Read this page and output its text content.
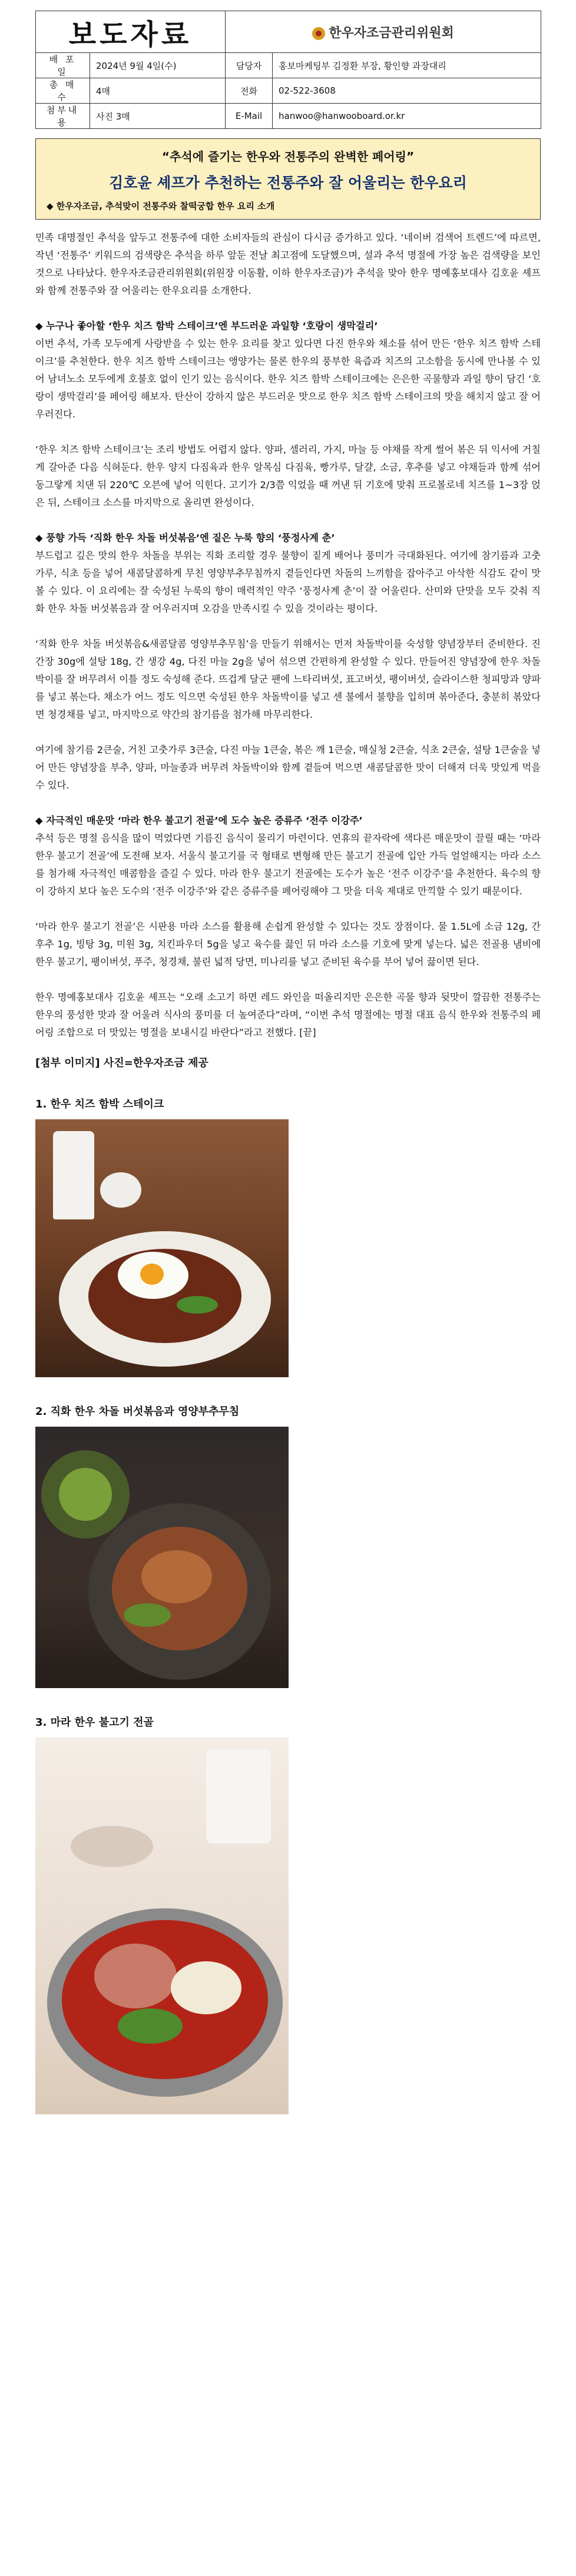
보도자료		한우자조금관리위원회	
배 포 일	2024년 9월 4일(수)	담당자	홍보마케팅부 김정환 부장, 황인향 과장대리
총 매 수	4매	전화	02-522-3608
첨부내용	사진 3매	E-Mail	hanwoo@hanwooboard.or.kr
“추석에 즐기는 한우와 전통주의 완벽한 페어링”
김호윤 셰프가 추천하는 전통주와 잘 어울리는 한우요리
◆ 한우자조금, 추석맞이 전통주와 찰떡궁합 한우 요리 소개

민족 대명절인 추석을 앞두고 전통주에 대한 소비자들의 관심이 다시금 증가하고 있다. ‘네이버 검색어 트렌드’에 따르면, 작년 ‘전통주’ 키워드의 검색량은 추석을 하루 앞둔 전날 최고점에 도달했으며, 설과 추석 명절에 가장 높은 검색량을 보인 것으로 나타났다. 한우자조금관리위원회(위원장 이동활, 이하 한우자조금)가 추석을 맞아 한우 명예홍보대사 김호윤 셰프와 함께 전통주와 잘 어울리는 한우요리를 소개한다.

◆ 누구나 좋아할 ‘한우 치즈 함박 스테이크’엔 부드러운 과일향 ‘호랑이 생막걸리’

이번 추석, 가족 모두에게 사랑받을 수 있는 한우 요리를 찾고 있다면 다진 한우와 채소를 섞어 만든 ‘한우 치즈 함박 스테이크’를 추천한다. 한우 치즈 함박 스테이크는 앵양가는 물론 한우의 풍부한 육즙과 치즈의 고소함을 동시에 만나볼 수 있어 남녀노소 모두에게 호불호 없이 인기 있는 음식이다. 한우 치즈 함박 스테이크에는 은은한 곡물향과 과일 향이 담긴 ‘호랑이 생막걸리’를 페어링 해보자. 탄산이 강하지 않은 부드러운 맛으로 한우 치즈 함박 스테이크의 맛을 해치지 않고 잘 어우러진다.

‘한우 치즈 함박 스테이크’는 조리 방법도 어렵지 않다. 양파, 셀러리, 가지, 마늘 등 야채를 작게 썰어 볶은 뒤 익서에 거칠게 갈아준 다음 식혀둔다. 한우 양지 다짐육과 한우 알목심 다짐육, 빵가루, 달걀, 소금, 후추를 넣고 야채들과 함께 섞어 동그랗게 치댄 뒤 220℃ 오븐에 넣어 익힌다. 고기가 2/3쯤 익었을 때 꺼낸 뒤 기호에 맞춰 프로볼로네 치즈를 1~3장 얹은 뒤, 스테이크 소스를 마지막으로 올리면 완성이다.

◆ 풍향 가득 ‘직화 한우 차돌 버섯볶음’엔 짙은 누룩 향의 ‘풍정사계 춘’

부드럽고 깊은 맛의 한우 차돌을 부위는 직화 조리할 경우 불향이 짙게 배어나 풍미가 극대화된다. 여기에 참기름과 고춧가루, 식초 등을 넣어 새콤달콤하게 무친 영양부추무침까지 곁들인다면 차돌의 느끼함을 잡아주고 아삭한 식감도 같이 맛볼 수 있다. 이 요리에는 잘 숙성된 누룩의 향이 매력적인 약주 ‘풍정사계 춘’이 잘 어울린다. 산미와 단맛을 모두 갖춰 직화 한우 차돌 버섯볶음과 잘 어우러지며 오감을 만족시킬 수 있을 것이라는 평이다.

‘직화 한우 차돌 버섯볶음&새콤달콤 영양부추무침’을 만들기 위해서는 먼저 차돌박이를 숙성할 양념장부터 준비한다. 진간장 30g에 설탕 18g, 간 생강 4g, 다진 마늘 2g을 넣어 섞으면 간편하게 완성할 수 있다. 만들어진 양념장에 한우 차돌박이를 잘 버무려서 이틀 정도 숙성해 준다. 뜨겁게 달군 팬에 느타리버섯, 표고버섯, 팽이버섯, 슬라이스한 청피망과 양파를 넣고 볶는다. 채소가 어느 정도 익으면 숙성된 한우 차돌박이를 넣고 센 불에서 불향을 입히며 볶아준다, 충분히 볶았다면 청경채를 넣고, 마지막으로 약간의 참기름을 첨가해 마무리한다.

여기에 참기름 2큰술, 거친 고춧가루 3큰술, 다진 마늘 1큰술, 볶은 깨 1큰술, 매실청 2큰술, 식초 2큰술, 설탕 1큰술을 넣어 만든 양념장을 부추, 양파, 마늘종과 버무려 차돌박이와 함께 곁들여 먹으면 새콤달콤한 맛이 더해져 더욱 맛있게 먹을 수 있다.

◆ 자극적인 매운맛 ‘마라 한우 불고기 전골’에 도수 높은 증류주 ‘전주 이강주’

추석 등은 명절 음식을 많이 먹었다면 기름진 음식이 물리기 마련이다. 연휴의 끝자락에 색다른 매운맛이 끌릴 때는 ‘마라 한우 불고기 전골’에 도전해 보자. 서울식 불고기를 국 형태로 변형해 만든 불고기 전골에 입안 가득 얼얼해지는 마라 소스를 첨가해 자극적인 매콤함을 즐길 수 있다. 마라 한우 불고기 전골에는 도수가 높은 ‘전주 이강주’를 추천한다. 육수의 향이 강하지 보다 높은 도수의 ‘전주 이강주’와 같은 증류주를 페어링해야 그 맛을 더욱 제대로 만끽할 수 있기 때문이다.

‘마라 한우 불고기 전골’은 시판용 마라 소스를 활용해 손쉽게 완성할 수 있다는 것도 장점이다. 물 1.5L에 소금 12g, 간 후추 1g, 빙탕 3g, 미원 3g, 치킨파우더 5g을 넣고 육수를 끓인 뒤 마라 소스를 기호에 맞게 넣는다. 넓은 전골용 냄비에 한우 불고기, 팽이버섯, 푸주, 청경채, 불린 넓적 당면, 미나리를 넣고 준비된 육수를 부어 넣어 끓이면 된다.

한우 명예홍보대사 김호윤 셰프는 “오래 소고기 하면 레드 와인을 떠올리지만 은은한 곡물 향과 뒷맛이 깔끔한 전통주는 한우의 풍성한 맛과 잘 어울려 식사의 풍미를 더 높여준다”라며, “이번 추석 명절에는 명절 대표 음식 한우와 전통주의 페어링 조합으로 더 맛있는 명절을 보내시길 바란다”라고 전했다. [끝]

[첨부 이미지] 사진=한우자조금 제공
1. 한우 치즈 함박 스테이크
2. 직화 한우 차돌 버섯볶음과 영양부추무침
3. 마라 한우 불고기 전골
